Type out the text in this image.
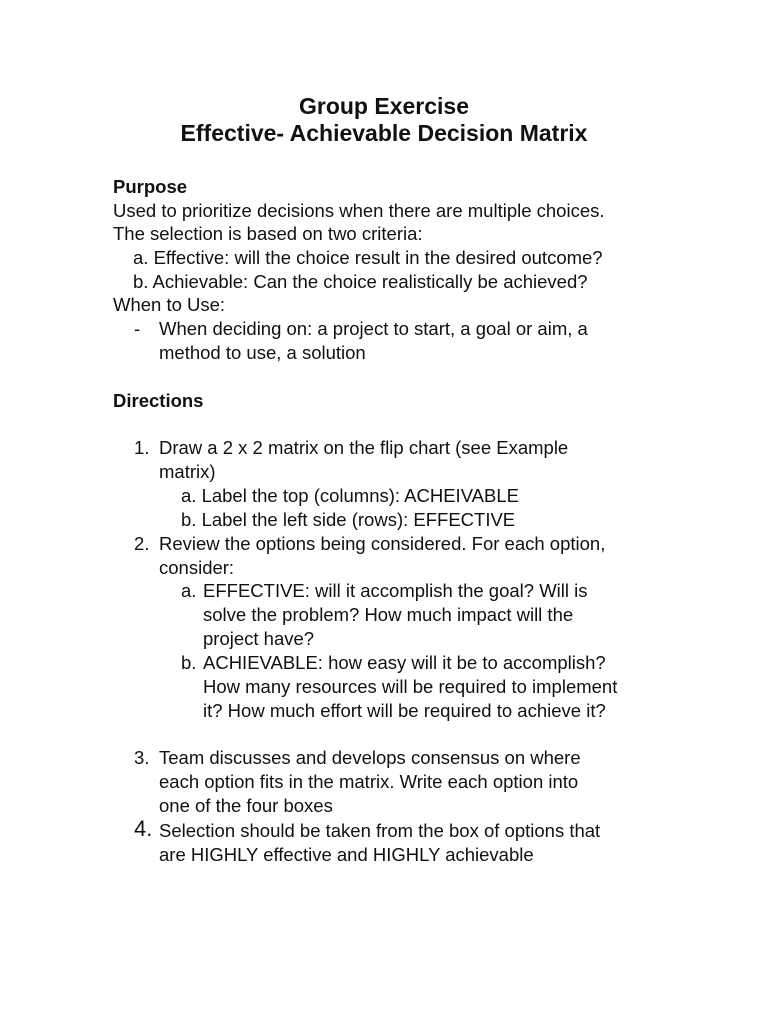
Group Exercise
Effective- Achievable Decision Matrix
Purpose
Used to prioritize decisions when there are multiple choices.
The selection is based on two criteria:
a. Effective: will the choice result in the desired outcome?
b. Achievable: Can the choice realistically be achieved?
When to Use:
- When deciding on: a project to start, a goal or aim, a
method to use, a solution
Directions
1. Draw a 2 x 2 matrix on the flip chart (see Example
matrix)
a. Label the top (columns): ACHEIVABLE
b. Label the left side (rows): EFFECTIVE
2. Review the options being considered. For each option,
consider:
a. EFFECTIVE: will it accomplish the goal? Will is
solve the problem? How much impact will the
project have?
b. ACHIEVABLE: how easy will it be to accomplish?
How many resources will be required to implement
it? How much effort will be required to achieve it?
3. Team discusses and develops consensus on where
each option fits in the matrix. Write each option into
one of the four boxes
4. Selection should be taken from the box of options that
are HIGHLY effective and HIGHLY achievable
